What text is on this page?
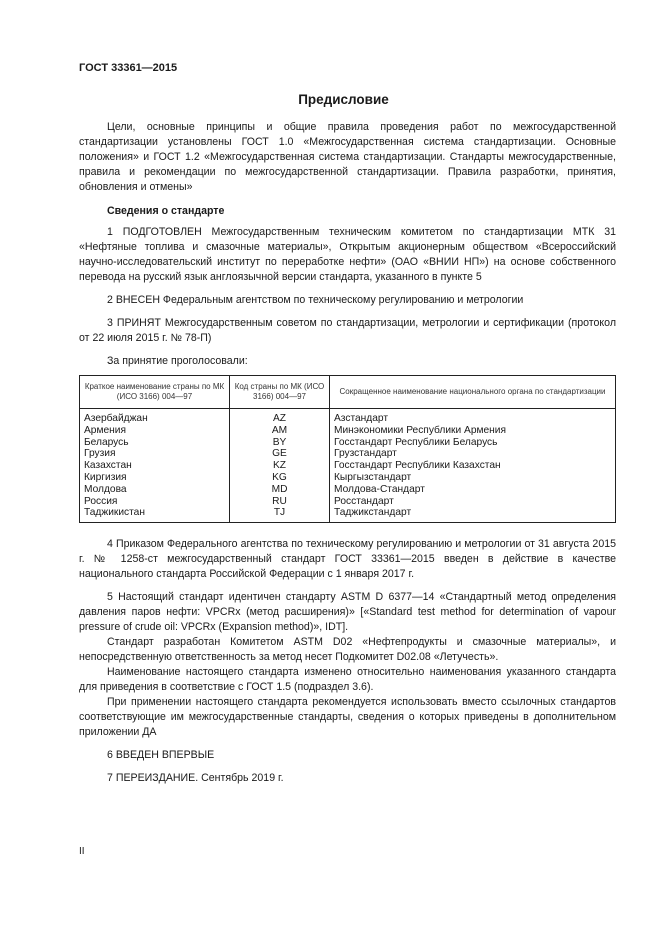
ГОСТ 33361—2015
Предисловие

Цели, основные принципы и общие правила проведения работ по межгосударственной стандартизации установлены ГОСТ 1.0 «Межгосударственная система стандартизации. Основные положения» и ГОСТ 1.2 «Межгосударственная система стандартизации. Стандарты межгосударственные, правила и рекомендации по межгосударственной стандартизации. Правила разработки, принятия, обновления и отмены»

Сведения о стандарте

1 ПОДГОТОВЛЕН Межгосударственным техническим комитетом по стандартизации МТК 31 «Нефтяные топлива и смазочные материалы», Открытым акционерным обществом «Всероссийский научно-исследовательский институт по переработке нефти» (ОАО «ВНИИ НП») на основе собственного перевода на русский язык англоязычной версии стандарта, указанного в пункте 5

2 ВНЕСЕН Федеральным агентством по техническому регулированию и метрологии

3 ПРИНЯТ Межгосударственным советом по стандартизации, метрологии и сертификации (протокол от 22 июля 2015 г. № 78-П)

За принятие проголосовали:

Краткое наименование страны по МК (ИСО 3166) 004—97	Код страны по МК (ИСО 3166) 004—97	Сокращенное наименование национального органа по стандартизации
Азербайджан	AZ	Азстандарт
Армения	AM	Минэкономики Республики Армения
Беларусь	BY	Госстандарт Республики Беларусь
Грузия	GE	Грузстандарт
Казахстан	KZ	Госстандарт Республики Казахстан
Киргизия	KG	Кыргызстандарт
Молдова	MD	Молдова-Стандарт
Россия	RU	Росстандарт
Таджикистан	TJ	Таджикстандарт

4 Приказом Федерального агентства по техническому регулированию и метрологии от 31 августа 2015 г. № 1258-ст межгосударственный стандарт ГОСТ 33361—2015 введен в действие в качестве национального стандарта Российской Федерации с 1 января 2017 г.

5 Настоящий стандарт идентичен стандарту ASTM D 6377—14 «Стандартный метод определения давления паров нефти: VPCRx (метод расширения)» [«Standard test method for determination of vapour pressure of crude oil: VPCRx (Expansion method)», IDT].

Стандарт разработан Комитетом ASTM D02 «Нефтепродукты и смазочные материалы», и непосредственную ответственность за метод несет Подкомитет D02.08 «Летучесть».

Наименование настоящего стандарта изменено относительно наименования указанного стандарта для приведения в соответствие с ГОСТ 1.5 (подраздел 3.6).

При применении настоящего стандарта рекомендуется использовать вместо ссылочных стандартов соответствующие им межгосударственные стандарты, сведения о которых приведены в дополнительном приложении ДА

6 ВВЕДЕН ВПЕРВЫЕ

7 ПЕРЕИЗДАНИЕ. Сентябрь 2019 г.

II
